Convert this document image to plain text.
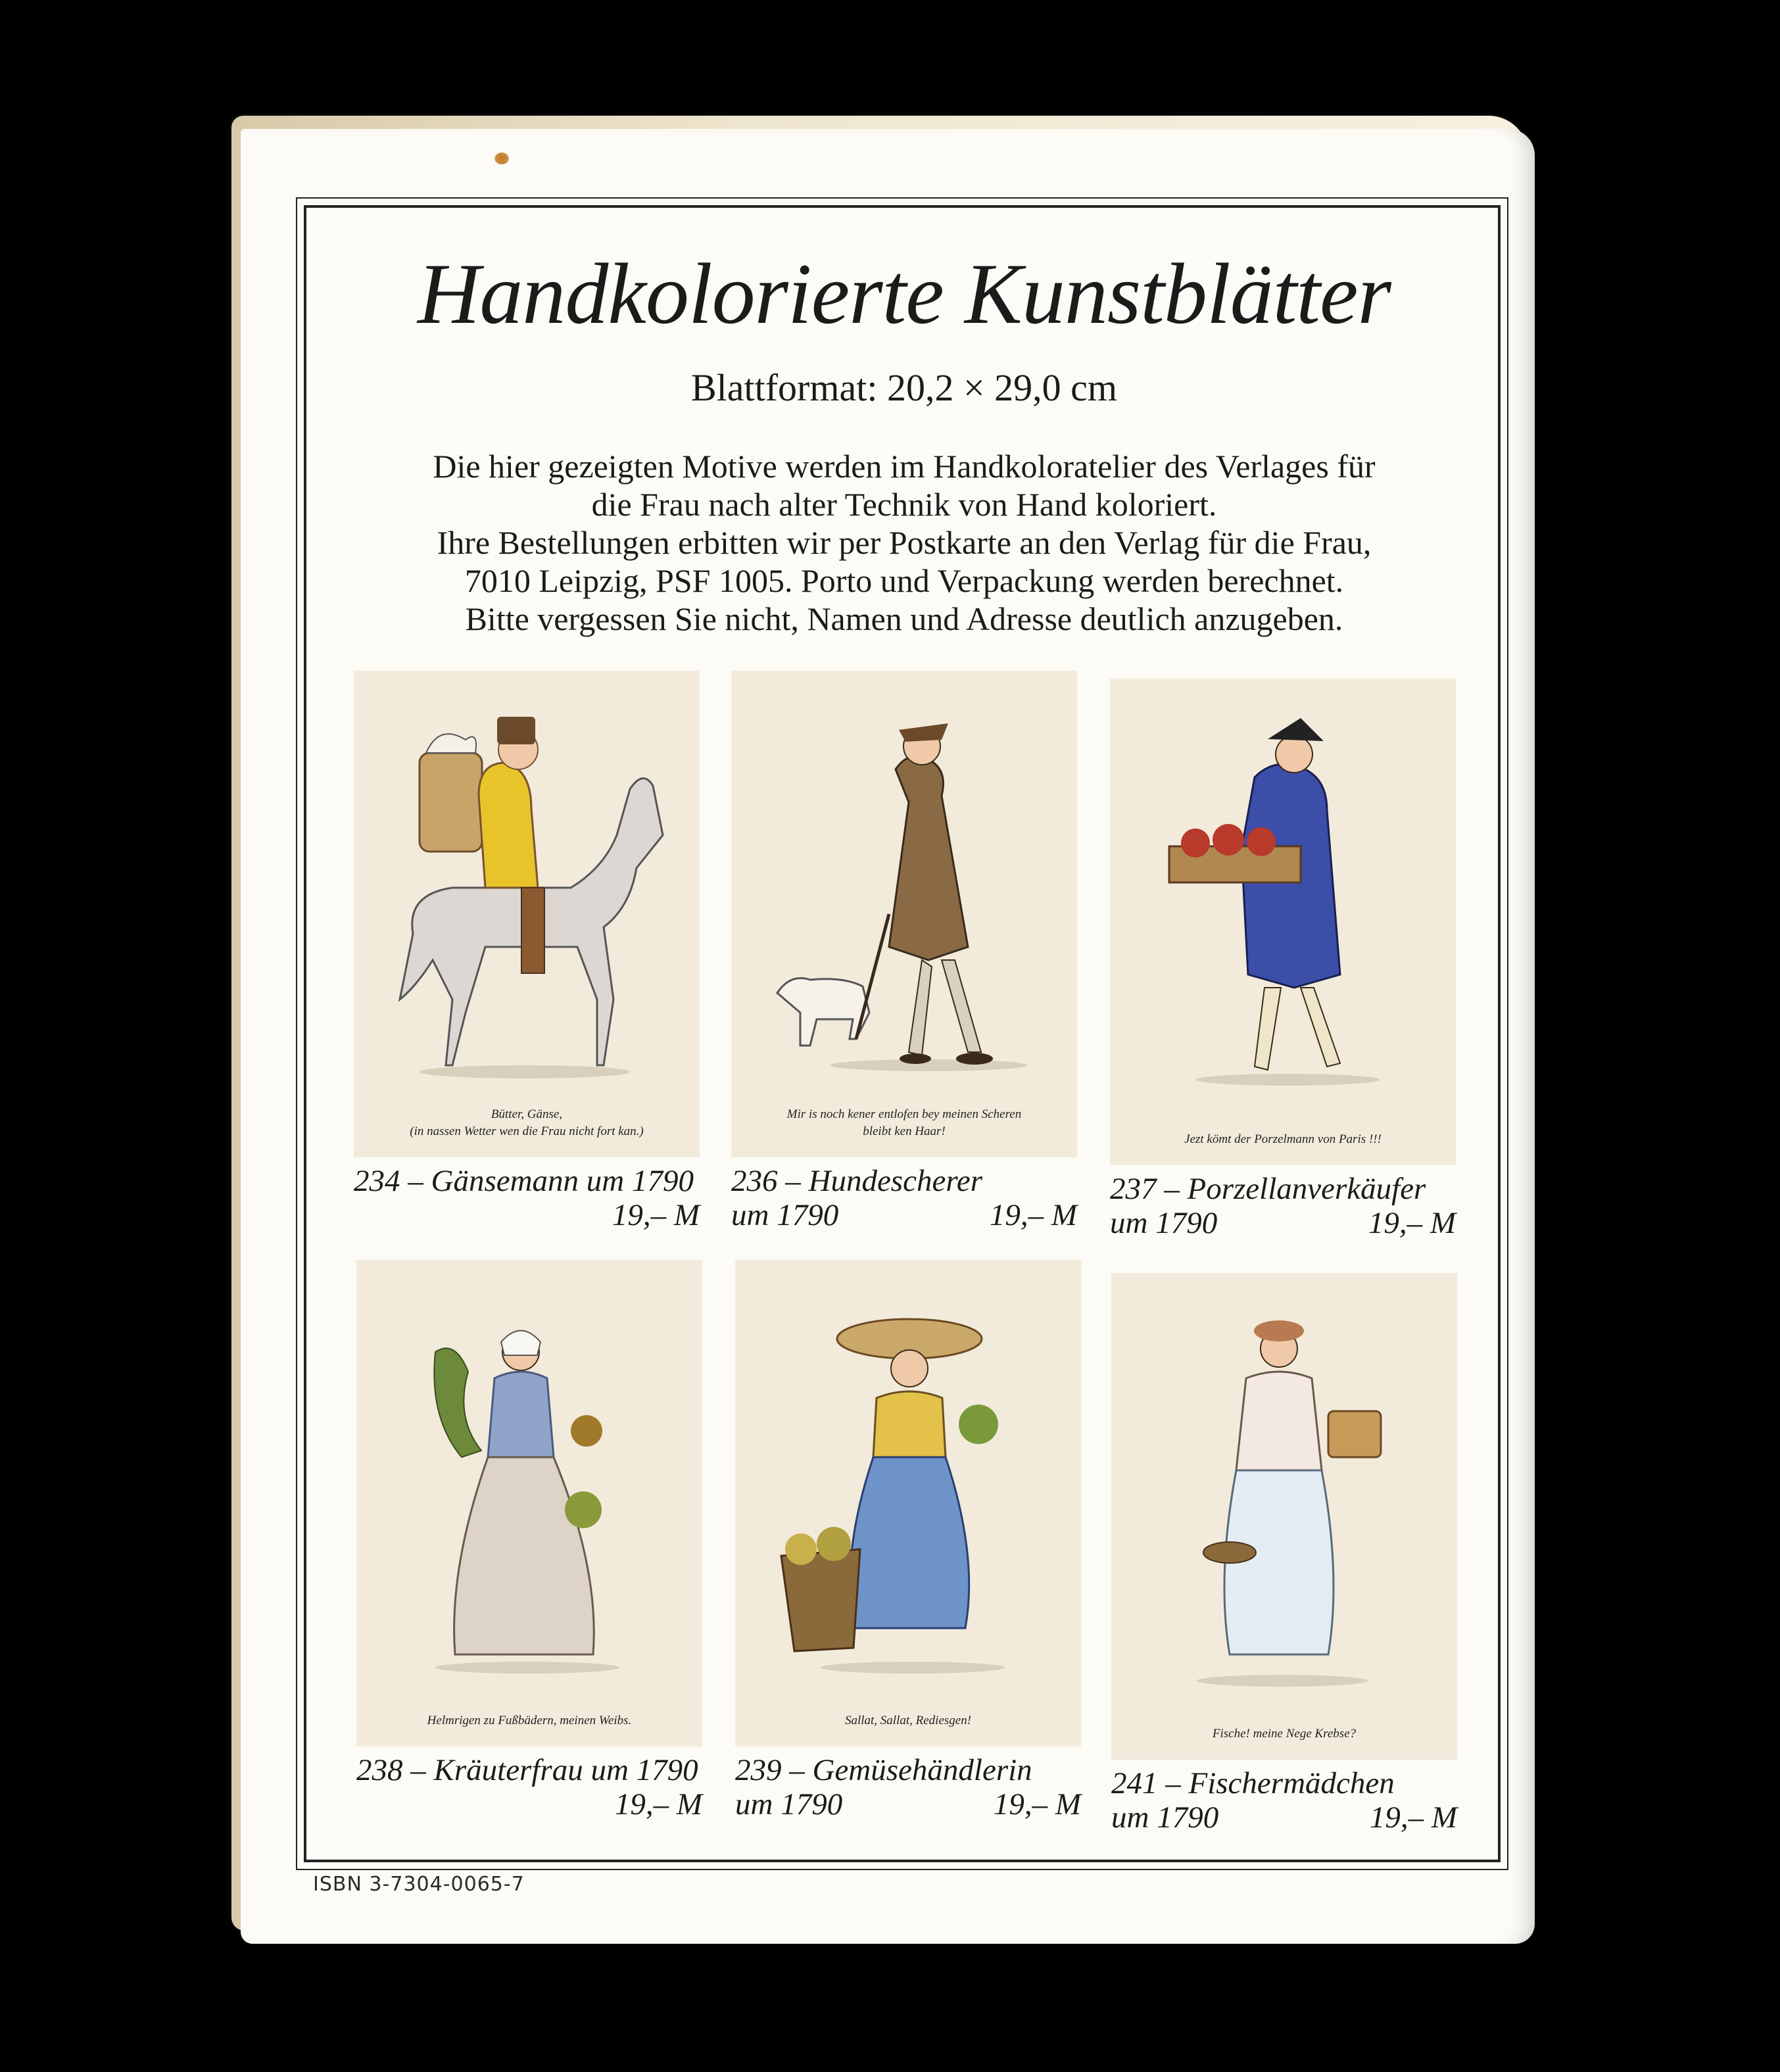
Handkolorierte Kunstblätter
Blattformat: 20,2 × 29,0 cm
Die hier gezeigten Motive werden im Handkoloratelier des Verlages für
die Frau nach alter Technik von Hand koloriert.
Ihre Bestellungen erbitten wir per Postkarte an den Verlag für die Frau,
7010 Leipzig, PSF 1005. Porto und Verpackung werden berechnet.
Bitte vergessen Sie nicht, Namen und Adresse deutlich anzugeben.
Bütter, Gänse,
(in nassen Wetter wen die Frau nicht fort kan.)
234 – Gänsemann um 1790
19,– M
Mir is noch kener entlofen bey meinen Scheren
bleibt ken Haar!
236 – Hundescherer
um 1790	19,– M
Jezt kömt der Porzelmann von Paris !!!
237 – Porzellanverkäufer
um 1790	19,– M
Helmrigen zu Fußbädern, meinen Weibs.
238 – Kräuterfrau um 1790
19,– M
Sallat, Sallat, Rediesgen!
239 – Gemüsehändlerin
um 1790	19,– M
Fische! meine Nege Krebse?
241 – Fischermädchen
um 1790	19,– M
ISBN 3-7304-0065-7
